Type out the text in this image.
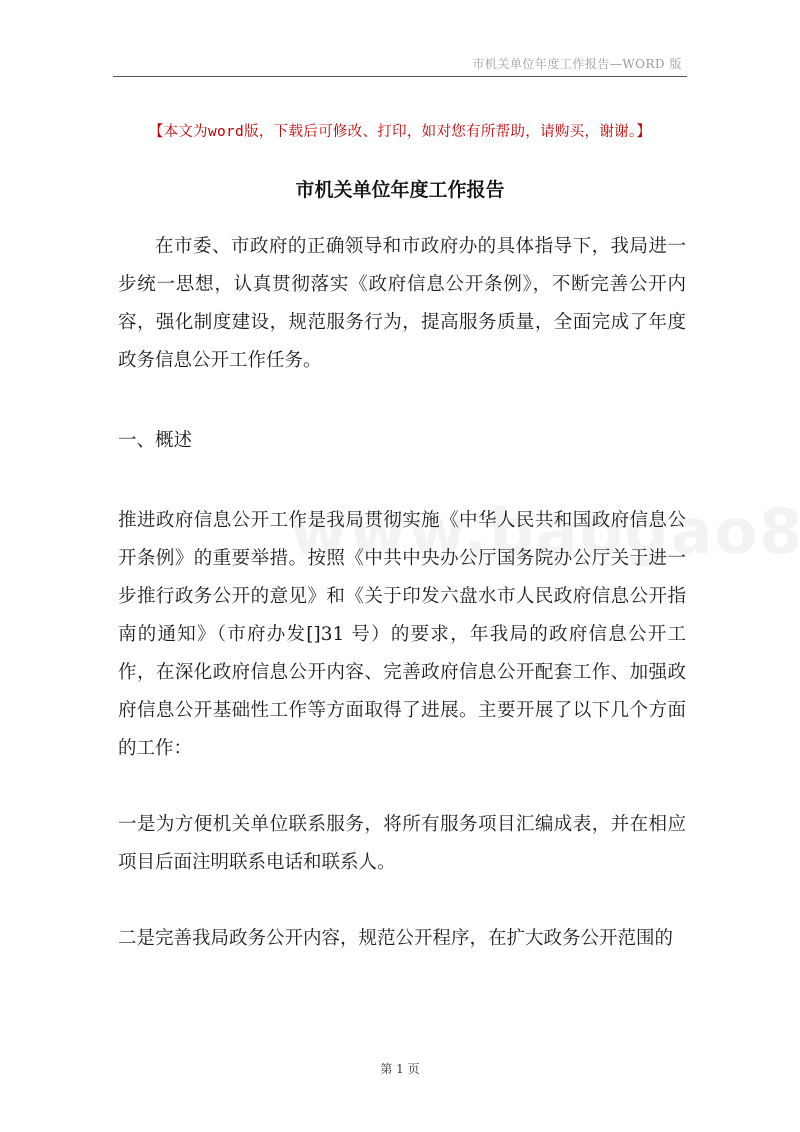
市机关单位年度工作报告—WORD 版
【本文为word版，下载后可修改、打印，如对您有所帮助，请购买，谢谢。】
市机关单位年度工作报告

在市委、市政府的正确领导和市政府办的具体指导下，我局进一步统一思想，认真贯彻落实《政府信息公开条例》，不断完善公开内容，强化制度建设，规范服务行为，提高服务质量，全面完成了年度政务信息公开工作任务。

一、概述

推进政府信息公开工作是我局贯彻实施《中华人民共和国政府信息公开条例》的重要举措。按照《中共中央办公厅国务院办公厅关于进一步推行政务公开的意见》和《关于印发六盘水市人民政府信息公开指南的通知》（市府办发[]31 号）的要求，年我局的政府信息公开工作，在深化政府信息公开内容、完善政府信息公开配套工作、加强政府信息公开基础性工作等方面取得了进展。主要开展了以下几个方面的工作：

一是为方便机关单位联系服务，将所有服务项目汇编成表，并在相应项目后面注明联系电话和联系人。

二是完善我局政务公开内容，规范公开程序，在扩大政务公开范围的

第 1 页
